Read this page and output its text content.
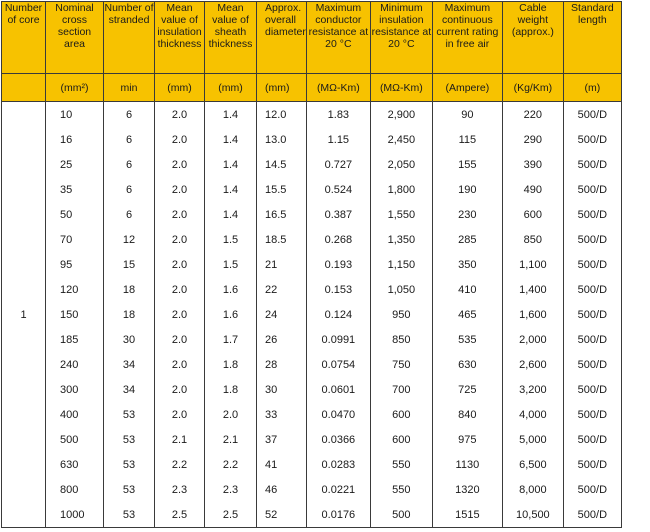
Number of core	Nominal cross section area	Number of stranded	Mean value of insulation thickness	Mean value of sheath thickness	Approx. overall diameter	Maximum conductor resistance at 20 °C	Minimum insulation resistance at 20 °C	Maximum continuous current rating in free air	Cable weight (approx.)	Standard length
	(mm²)	min	(mm)	(mm)	(mm)	(MΩ-Km)	(MΩ-Km)	(Ampere)	(Kg/Km)	(m)
1	10	6	2.0	1.4	12.0	1.83	2,900	90	220	500/D
	16	6	2.0	1.4	13.0	1.15	2,450	115	290	500/D
	25	6	2.0	1.4	14.5	0.727	2,050	155	390	500/D
	35	6	2.0	1.4	15.5	0.524	1,800	190	490	500/D
	50	6	2.0	1.4	16.5	0.387	1,550	230	600	500/D
	70	12	2.0	1.5	18.5	0.268	1,350	285	850	500/D
	95	15	2.0	1.5	21	0.193	1,150	350	1,100	500/D
	120	18	2.0	1.6	22	0.153	1,050	410	1,400	500/D
	150	18	2.0	1.6	24	0.124	950	465	1,600	500/D
	185	30	2.0	1.7	26	0.0991	850	535	2,000	500/D
	240	34	2.0	1.8	28	0.0754	750	630	2,600	500/D
	300	34	2.0	1.8	30	0.0601	700	725	3,200	500/D
	400	53	2.0	2.0	33	0.0470	600	840	4,000	500/D
	500	53	2.1	2.1	37	0.0366	600	975	5,000	500/D
	630	53	2.2	2.2	41	0.0283	550	1130	6,500	500/D
	800	53	2.3	2.3	46	0.0221	550	1320	8,000	500/D
	1000	53	2.5	2.5	52	0.0176	500	1515	10,500	500/D
